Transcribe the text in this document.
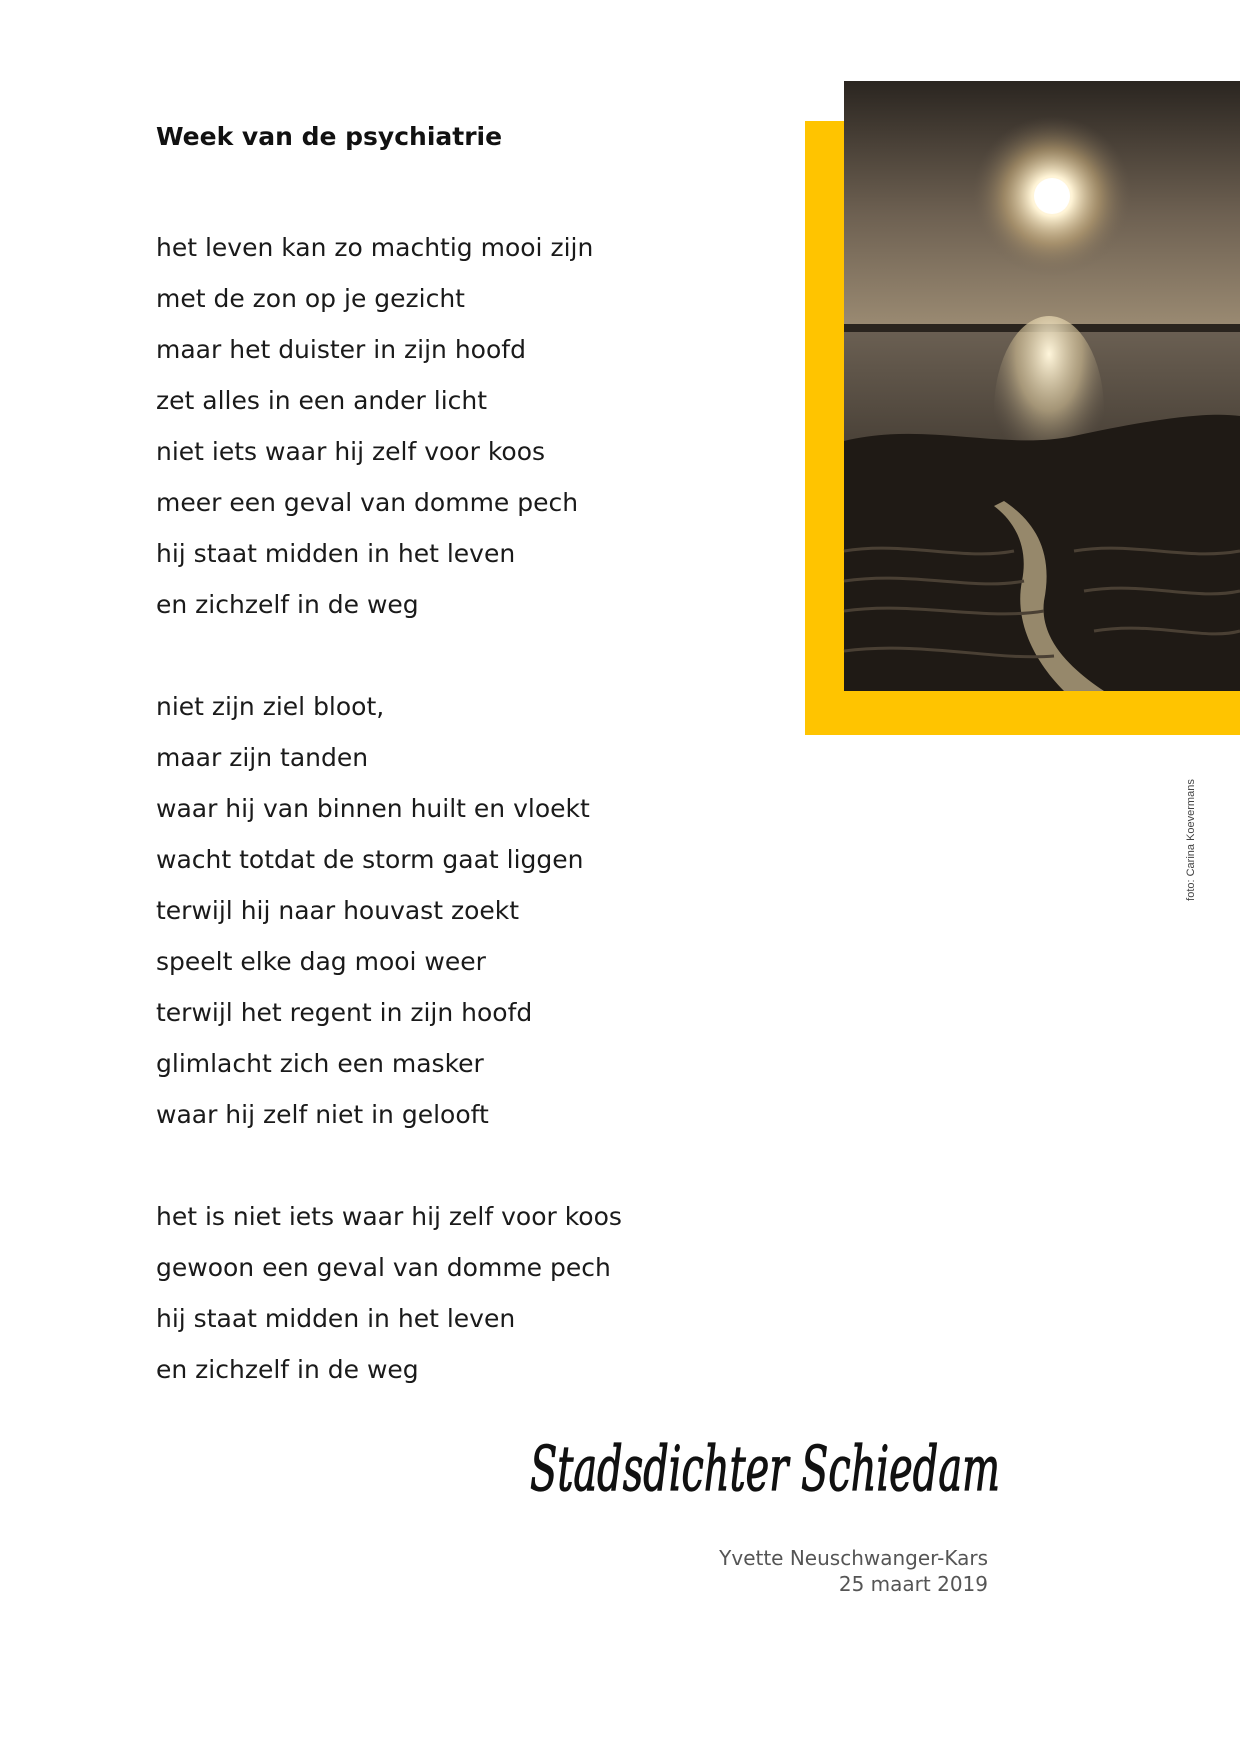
Week van de psychiatrie
het leven kan zo machtig mooi zijn
met de zon op je gezicht
maar het duister in zijn hoofd
zet alles in een ander licht
niet iets waar hij zelf voor koos
meer een geval van domme pech
hij staat midden in het leven
en zichzelf in de weg
niet zijn ziel bloot,
maar zijn tanden
waar hij van binnen huilt en vloekt
wacht totdat de storm gaat liggen
terwijl hij naar houvast zoekt
speelt elke dag mooi weer
terwijl het regent in zijn hoofd
glimlacht zich een masker
waar hij zelf niet in gelooft
het is niet iets waar hij zelf voor koos
gewoon een geval van domme pech
hij staat midden in het leven
en zichzelf in de weg
foto: Carina Koevermans
Stadsdichter Schiedam
Yvette Neuschwanger-Kars
25 maart 2019
